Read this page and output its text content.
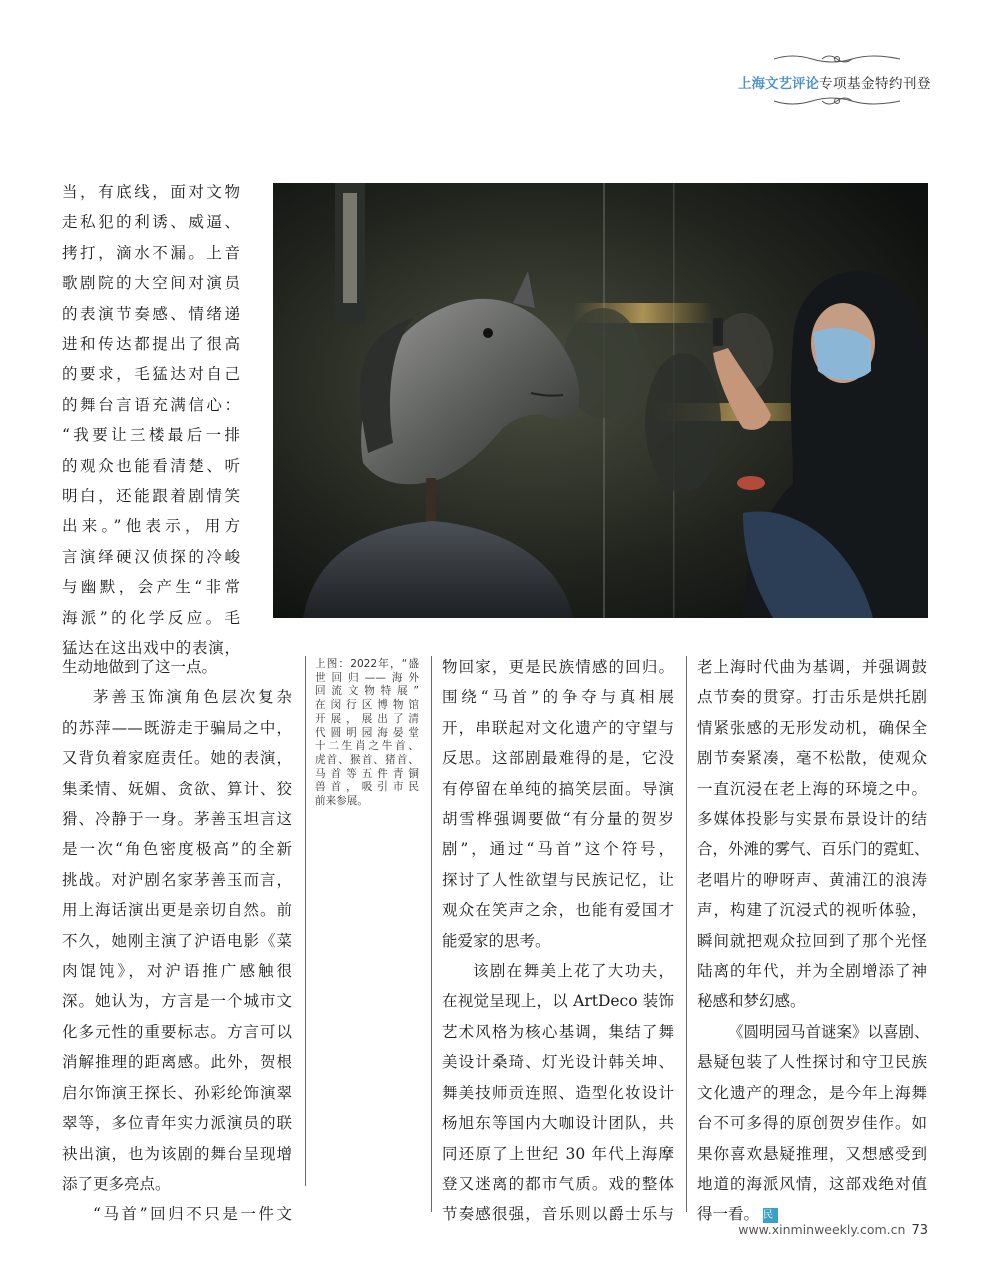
上海文艺评论专项基金特约刊登
当，有底线，面对文物
走私犯的利诱、威逼、
拷打，滴水不漏。上音
歌剧院的大空间对演员
的表演节奏感、情绪递
进和传达都提出了很高
的要求，毛猛达对自己
的舞台言语充满信心：
“我要让三楼最后一排
的观众也能看清楚、听
明白，还能跟着剧情笑
出来。”他表示，用方
言演绎硬汉侦探的冷峻
与幽默，会产生“非常
海派”的化学反应。毛
猛达在这出戏中的表演，
生动地做到了这一点。
茅善玉饰演角色层次复杂
的苏萍——既游走于骗局之中，
又背负着家庭责任。她的表演，
集柔情、妩媚、贪欲、算计、狡
猾、冷静于一身。茅善玉坦言这
是一次“角色密度极高”的全新
挑战。对沪剧名家茅善玉而言，
用上海话演出更是亲切自然。前
不久，她刚主演了沪语电影《菜
肉馄饨》，对沪语推广感触很
深。她认为，方言是一个城市文
化多元性的重要标志。方言可以
消解推理的距离感。此外，贺根
启尔饰演王探长、孙彩纶饰演翠
翠等，多位青年实力派演员的联
袂出演，也为该剧的舞台呈现增
添了更多亮点。
“马首”回归不只是一件文
上图：2022年，“盛
世回归——海外
回流文物特展”
在闵行区博物馆
开展，展出了清
代圆明园海晏堂
十二生肖之牛首、
虎首、猴首、猪首、
马首等五件青铜
兽首，吸引市民
前来参展。
物回家，更是民族情感的回归。
围绕“马首”的争夺与真相展
开，串联起对文化遗产的守望与
反思。这部剧最难得的是，它没
有停留在单纯的搞笑层面。导演
胡雪桦强调要做“有分量的贺岁
剧”，通过“马首”这个符号，
探讨了人性欲望与民族记忆，让
观众在笑声之余，也能有爱国才
能爱家的思考。
该剧在舞美上花了大功夫，
在视觉呈现上，以 ArtDeco 装饰
艺术风格为核心基调，集结了舞
美设计桑琦、灯光设计韩关坤、
舞美技师贡连照、造型化妆设计
杨旭东等国内大咖设计团队，共
同还原了上世纪 30 年代上海摩
登又迷离的都市气质。戏的整体
节奏感很强，音乐则以爵士乐与
老上海时代曲为基调，并强调鼓
点节奏的贯穿。打击乐是烘托剧
情紧张感的无形发动机，确保全
剧节奏紧凑，毫不松散，使观众
一直沉浸在老上海的环境之中。
多媒体投影与实景布景设计的结
合，外滩的雾气、百乐门的霓虹、
老唱片的咿呀声、黄浦江的浪涛
声，构建了沉浸式的视听体验，
瞬间就把观众拉回到了那个光怪
陆离的年代，并为全剧增添了神
秘感和梦幻感。
《圆明园马首谜案》以喜剧、
悬疑包装了人性探讨和守卫民族
文化遗产的理念，是今年上海舞
台不可多得的原创贺岁佳作。如
果你喜欢悬疑推理，又想感受到
地道的海派风情，这部戏绝对值
得一看。 民
www.xinminweekly.com.cn 73
